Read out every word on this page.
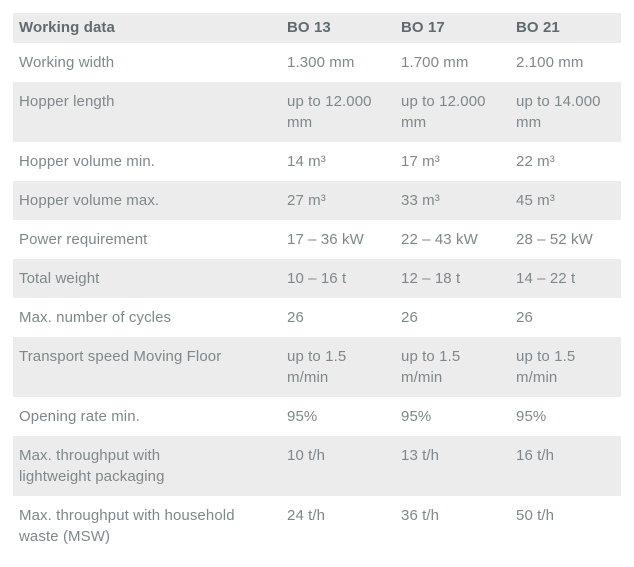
Working data	BO 13	BO 17	BO 21
Working width	1.300 mm	1.700 mm	2.100 mm
Hopper length	up to 12.000 mm	up to 12.000 mm	up to 14.000 mm
Hopper volume min.	14 m³	17 m³	22 m³
Hopper volume max.	27 m³	33 m³	45 m³
Power requirement	17 – 36 kW	22 – 43 kW	28 – 52 kW
Total weight	10 – 16 t	12 – 18 t	14 – 22 t
Max. number of cycles	26	26	26
Transport speed Moving Floor	up to 1.5 m/min	up to 1.5 m/min	up to 1.5 m/min
Opening rate min.	95%	95%	95%
Max. throughput with lightweight packaging	10 t/h	13 t/h	16 t/h
Max. throughput with household waste (MSW)	24 t/h	36 t/h	50 t/h
